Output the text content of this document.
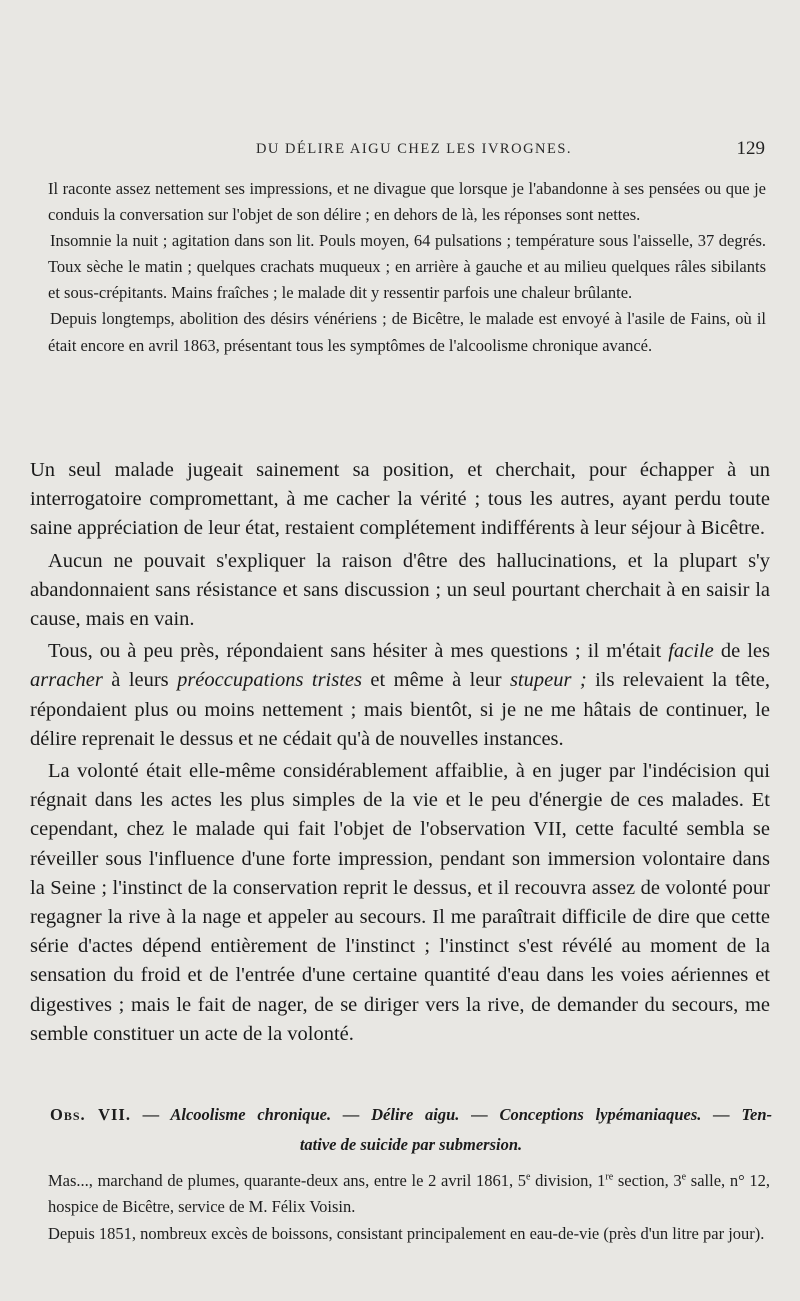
DU DÉLIRE AIGU CHEZ LES IVROGNES.	129

Il raconte assez nettement ses impressions, et ne divague que lorsque je l'abandonne à ses pensées ou que je conduis la conversation sur l'objet de son délire ; en dehors de là, les réponses sont nettes.

Insomnie la nuit ; agitation dans son lit. Pouls moyen, 64 pulsations ; température sous l'aisselle, 37 degrés. Toux sèche le matin ; quelques crachats muqueux ; en arrière à gauche et au milieu quelques râles sibilants et sous-crépitants. Mains fraîches ; le malade dit y ressentir parfois une chaleur brûlante.

Depuis longtemps, abolition des désirs vénériens ; de Bicêtre, le malade est envoyé à l'asile de Fains, où il était encore en avril 1863, présentant tous les symptômes de l'alcoolisme chronique avancé.

Un seul malade jugeait sainement sa position, et cherchait, pour échapper à un interrogatoire compromettant, à me cacher la vérité ; tous les autres, ayant perdu toute saine appréciation de leur état, restaient complétement indifférents à leur séjour à Bicêtre.

Aucun ne pouvait s'expliquer la raison d'être des hallucinations, et la plupart s'y abandonnaient sans résistance et sans discussion ; un seul pourtant cherchait à en saisir la cause, mais en vain.

Tous, ou à peu près, répondaient sans hésiter à mes questions ; il m'était facile de les arracher à leurs préoccupations tristes et même à leur stupeur ; ils relevaient la tête, répondaient plus ou moins nettement ; mais bientôt, si je ne me hâtais de continuer, le délire reprenait le dessus et ne cédait qu'à de nouvelles instances.

La volonté était elle-même considérablement affaiblie, à en juger par l'indécision qui régnait dans les actes les plus simples de la vie et le peu d'énergie de ces malades. Et cependant, chez le malade qui fait l'objet de l'observation VII, cette faculté sembla se réveiller sous l'influence d'une forte impression, pendant son immersion volontaire dans la Seine ; l'instinct de la conservation reprit le dessus, et il recouvra assez de volonté pour regagner la rive à la nage et appeler au secours. Il me paraîtrait difficile de dire que cette série d'actes dépend entièrement de l'instinct ; l'instinct s'est révélé au moment de la sensation du froid et de l'entrée d'une certaine quantité d'eau dans les voies aériennes et digestives ; mais le fait de nager, de se diriger vers la rive, de demander du secours, me semble constituer un acte de la volonté.

Obs. VII. — Alcoolisme chronique. — Délire aigu. — Conceptions lypémaniaques. — Ten-
tative de suicide par submersion.

Mas..., marchand de plumes, quarante-deux ans, entre le 2 avril 1861, 5e division, 1re section, 3e salle, n° 12, hospice de Bicêtre, service de M. Félix Voisin.

Depuis 1851, nombreux excès de boissons, consistant principalement en eau-de-vie (près d'un litre par jour).
